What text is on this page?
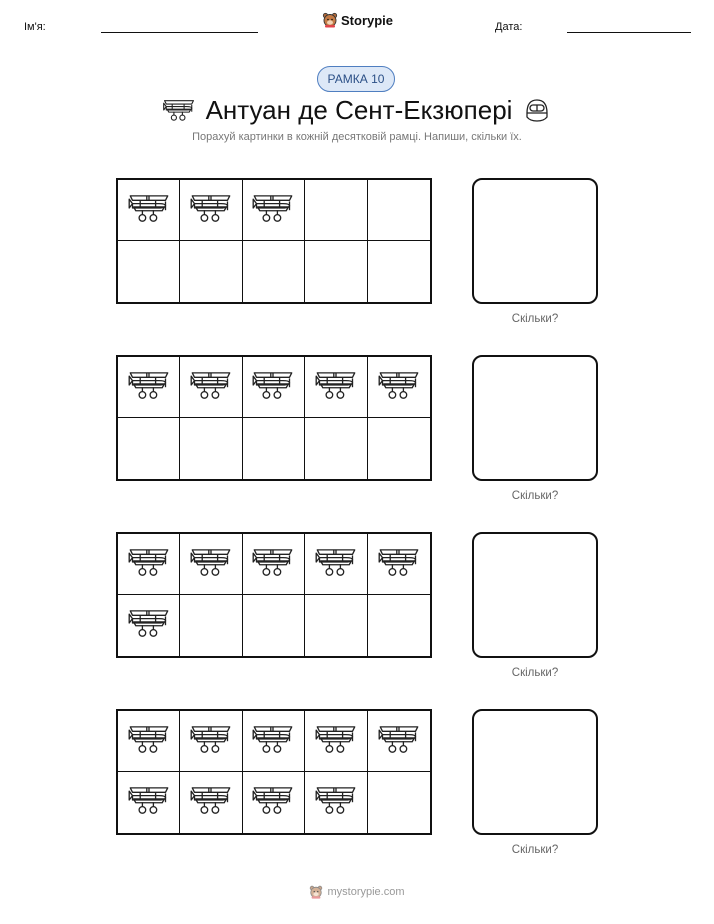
Ім'я:	Storypie	Дата:
РАМКА 10
Антуан де Сент-Екзюпері
Порахуй картинки в кожній десятковій рамці. Напиши, скільки їх.
Скільки?
Скільки?
Скільки?
Скільки?
mystorypie.com
